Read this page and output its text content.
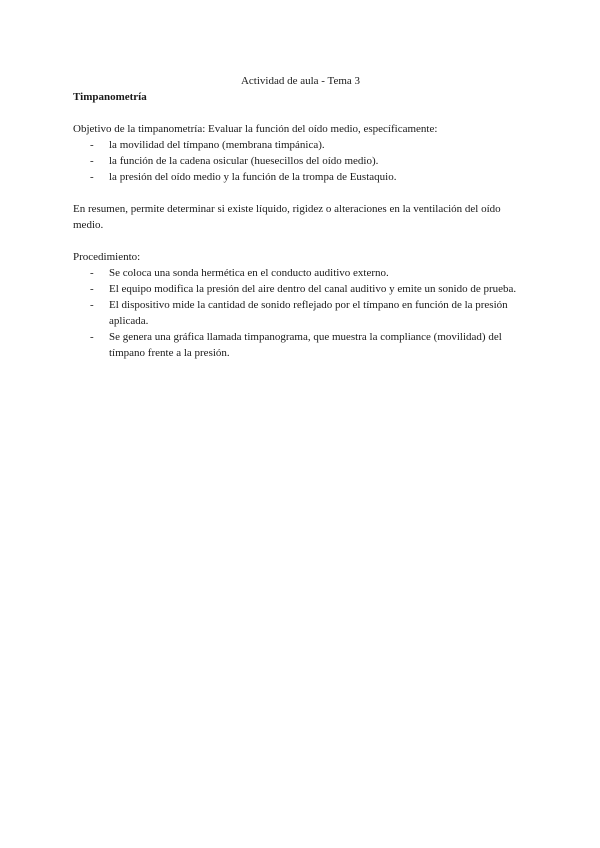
Actividad de aula - Tema 3
Timpanometría

Objetivo de la timpanometría: Evaluar la función del oído medio, específicamente:

- la movilidad del tímpano (membrana timpánica).
- la función de la cadena osicular (huesecillos del oído medio).
- la presión del oído medio y la función de la trompa de Eustaquio.

En resumen, permite determinar si existe líquido, rigidez o alteraciones en la ventilación del oído medio.

Procedimiento:

- Se coloca una sonda hermética en el conducto auditivo externo.
- El equipo modifica la presión del aire dentro del canal auditivo y emite un sonido de prueba.
- El dispositivo mide la cantidad de sonido reflejado por el tímpano en función de la presión aplicada.
- Se genera una gráfica llamada timpanograma, que muestra la compliance (movilidad) del tímpano frente a la presión.
